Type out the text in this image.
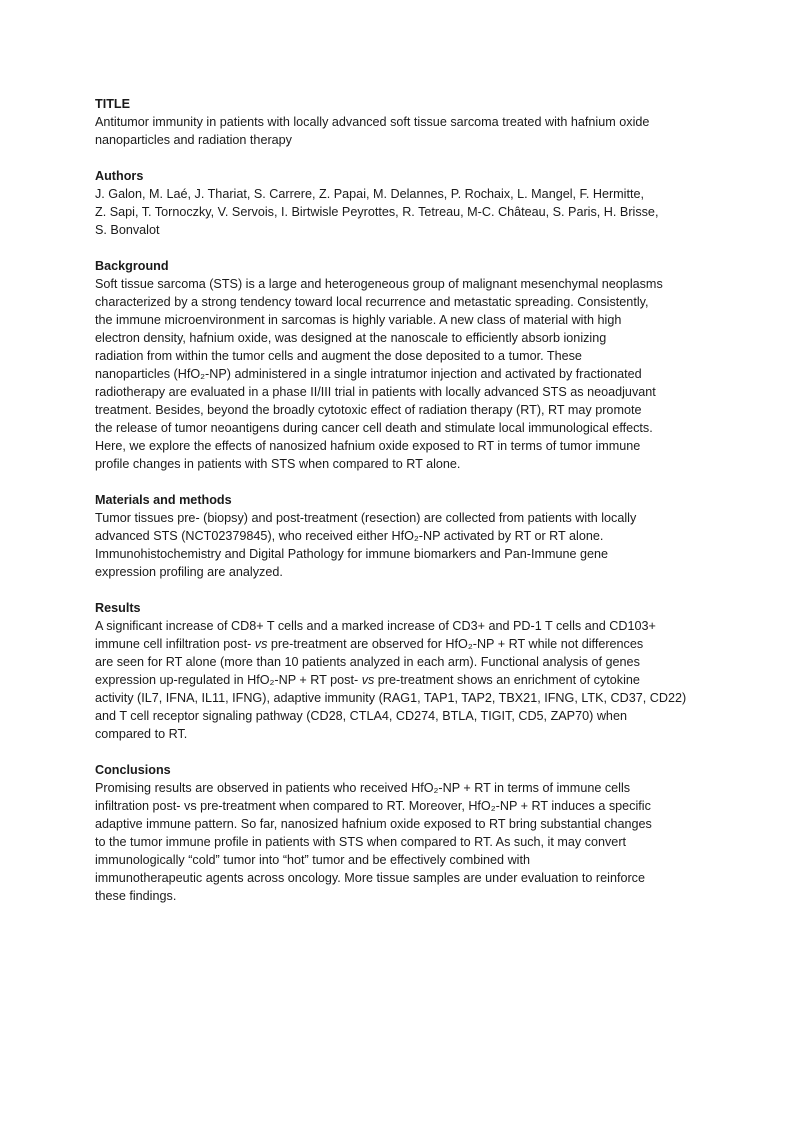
TITLE
Antitumor immunity in patients with locally advanced soft tissue sarcoma treated with hafnium oxide
nanoparticles and radiation therapy
Authors
J. Galon, M. Laé, J. Thariat, S. Carrere, Z. Papai, M. Delannes, P. Rochaix, L. Mangel, F. Hermitte,
Z. Sapi, T. Tornoczky, V. Servois, I. Birtwisle Peyrottes, R. Tetreau, M-C. Château, S. Paris, H. Brisse,
S. Bonvalot
Background
Soft tissue sarcoma (STS) is a large and heterogeneous group of malignant mesenchymal neoplasms
characterized by a strong tendency toward local recurrence and metastatic spreading. Consistently,
the immune microenvironment in sarcomas is highly variable. A new class of material with high
electron density, hafnium oxide, was designed at the nanoscale to efficiently absorb ionizing
radiation from within the tumor cells and augment the dose deposited to a tumor. These
nanoparticles (HfO₂-NP) administered in a single intratumor injection and activated by fractionated
radiotherapy are evaluated in a phase II/III trial in patients with locally advanced STS as neoadjuvant
treatment. Besides, beyond the broadly cytotoxic effect of radiation therapy (RT), RT may promote
the release of tumor neoantigens during cancer cell death and stimulate local immunological effects.
Here, we explore the effects of nanosized hafnium oxide exposed to RT in terms of tumor immune
profile changes in patients with STS when compared to RT alone.
Materials and methods
Tumor tissues pre- (biopsy) and post-treatment (resection) are collected from patients with locally
advanced STS (NCT02379845), who received either HfO₂-NP activated by RT or RT alone.
Immunohistochemistry and Digital Pathology for immune biomarkers and Pan-Immune gene
expression profiling are analyzed.
Results
A significant increase of CD8+ T cells and a marked increase of CD3+ and PD-1 T cells and CD103+
immune cell infiltration post- vs pre-treatment are observed for HfO₂-NP + RT while not differences
are seen for RT alone (more than 10 patients analyzed in each arm). Functional analysis of genes
expression up-regulated in HfO₂-NP + RT post- vs pre-treatment shows an enrichment of cytokine
activity (IL7, IFNA, IL11, IFNG), adaptive immunity (RAG1, TAP1, TAP2, TBX21, IFNG, LTK, CD37, CD22)
and T cell receptor signaling pathway (CD28, CTLA4, CD274, BTLA, TIGIT, CD5, ZAP70) when
compared to RT.
Conclusions
Promising results are observed in patients who received HfO₂-NP + RT in terms of immune cells
infiltration post- vs pre-treatment when compared to RT. Moreover, HfO₂-NP + RT induces a specific
adaptive immune pattern. So far, nanosized hafnium oxide exposed to RT bring substantial changes
to the tumor immune profile in patients with STS when compared to RT. As such, it may convert
immunologically “cold” tumor into “hot” tumor and be effectively combined with
immunotherapeutic agents across oncology. More tissue samples are under evaluation to reinforce
these findings.
